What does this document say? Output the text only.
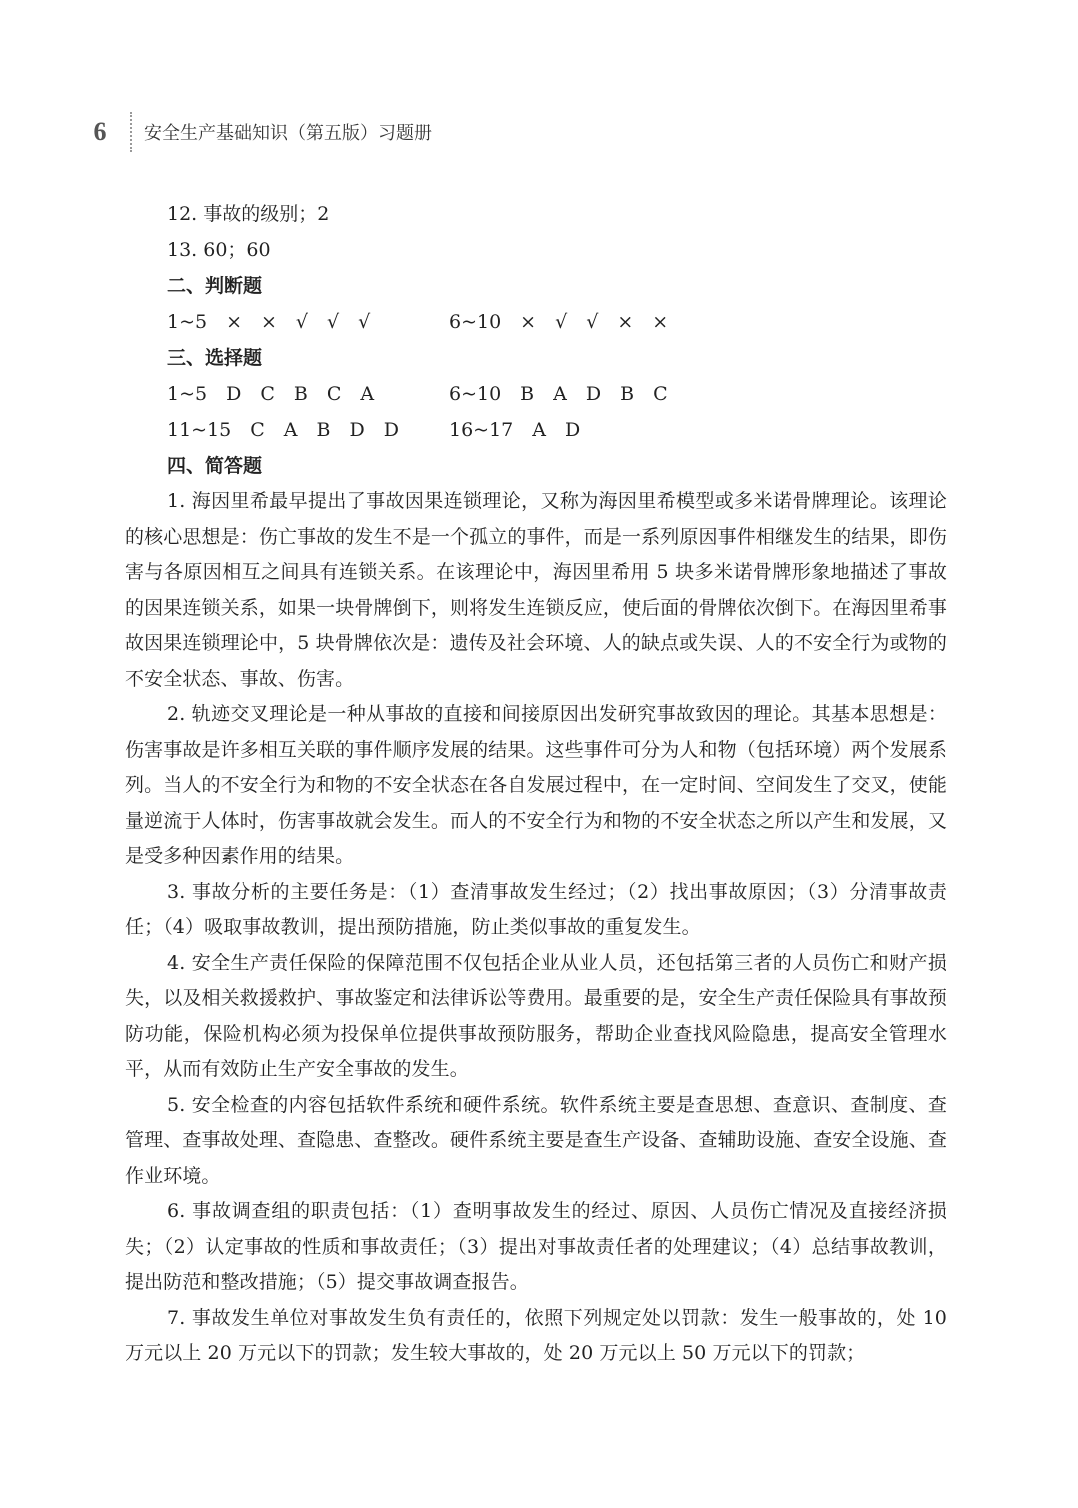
6	安全生产基础知识（第五版）习题册
12. 事故的级别；2
13. 60；60
二、判断题
1~5　×　×　√　√　√	6~10　×　√　√　×　×
三、选择题
1~5　D　C　B　C　A	6~10　B　A　D　B　C
11~15　C　A　B　D　D	16~17　A　D
四、简答题

1. 海因里希最早提出了事故因果连锁理论，又称为海因里希模型或多米诺骨牌理论。该理论的核心思想是：伤亡事故的发生不是一个孤立的事件，而是一系列原因事件相继发生的结果，即伤害与各原因相互之间具有连锁关系。在该理论中，海因里希用 5 块多米诺骨牌形象地描述了事故的因果连锁关系，如果一块骨牌倒下，则将发生连锁反应，使后面的骨牌依次倒下。在海因里希事故因果连锁理论中，5 块骨牌依次是：遗传及社会环境、人的缺点或失误、人的不安全行为或物的不安全状态、事故、伤害。

2. 轨迹交叉理论是一种从事故的直接和间接原因出发研究事故致因的理论。其基本思想是：伤害事故是许多相互关联的事件顺序发展的结果。这些事件可分为人和物（包括环境）两个发展系列。当人的不安全行为和物的不安全状态在各自发展过程中，在一定时间、空间发生了交叉，使能量逆流于人体时，伤害事故就会发生。而人的不安全行为和物的不安全状态之所以产生和发展，又是受多种因素作用的结果。

3. 事故分析的主要任务是：（1）查清事故发生经过；（2）找出事故原因；（3）分清事故责任；（4）吸取事故教训，提出预防措施，防止类似事故的重复发生。

4. 安全生产责任保险的保障范围不仅包括企业从业人员，还包括第三者的人员伤亡和财产损失，以及相关救援救护、事故鉴定和法律诉讼等费用。最重要的是，安全生产责任保险具有事故预防功能，保险机构必须为投保单位提供事故预防服务，帮助企业查找风险隐患，提高安全管理水平，从而有效防止生产安全事故的发生。

5. 安全检查的内容包括软件系统和硬件系统。软件系统主要是查思想、查意识、查制度、查管理、查事故处理、查隐患、查整改。硬件系统主要是查生产设备、查辅助设施、查安全设施、查作业环境。

6. 事故调查组的职责包括：（1）查明事故发生的经过、原因、人员伤亡情况及直接经济损失；（2）认定事故的性质和事故责任；（3）提出对事故责任者的处理建议；（4）总结事故教训，提出防范和整改措施；（5）提交事故调查报告。

7. 事故发生单位对事故发生负有责任的，依照下列规定处以罚款：发生一般事故的，处 10 万元以上 20 万元以下的罚款；发生较大事故的，处 20 万元以上 50 万元以下的罚款；
